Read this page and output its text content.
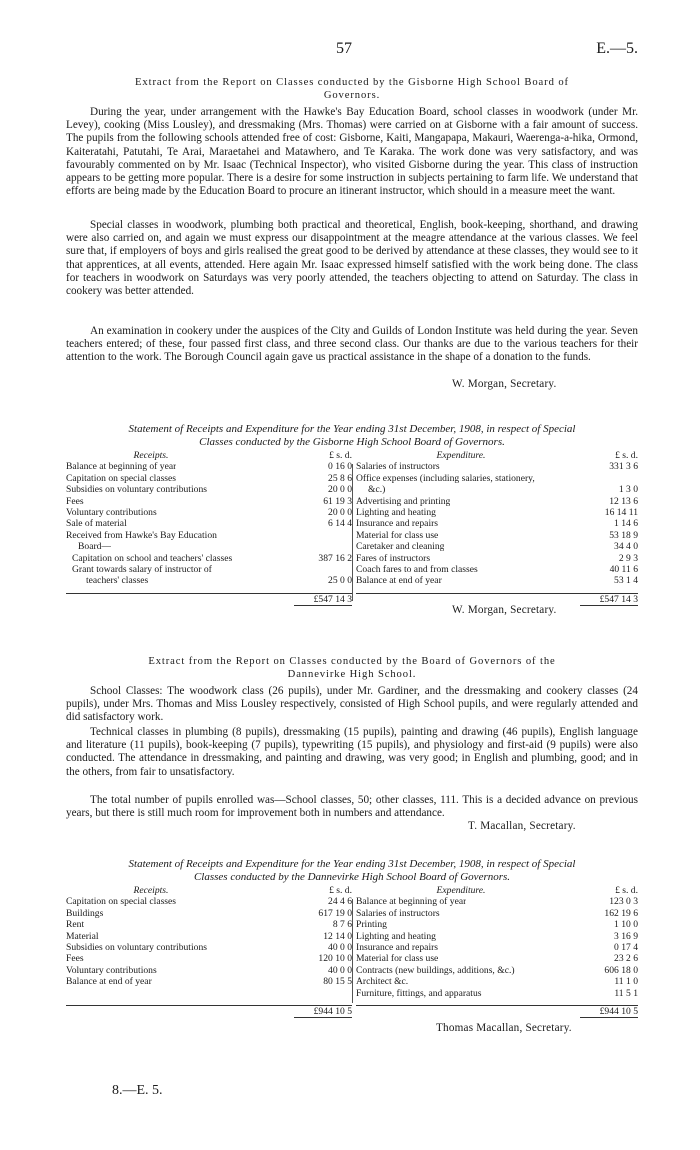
57	E.—5.
Extract from the Report on Classes conducted by the Gisborne High School Board of
Governors.
During the year, under arrangement with the Hawke's Bay Education Board, school classes in woodwork (under Mr. Levey), cooking (Miss Lousley), and dressmaking (Mrs. Thomas) were carried on at Gisborne with a fair amount of success. The pupils from the following schools attended free of cost: Gisborne, Kaiti, Mangapapa, Makauri, Waerenga-a-hika, Ormond, Kaiteratahi, Patutahi, Te Arai, Maraetahei and Matawhero, and Te Karaka. The work done was very satisfactory, and was favourably commented on by Mr. Isaac (Technical Inspector), who visited Gisborne during the year. This class of instruction appears to be getting more popular. There is a desire for some instruction in subjects pertaining to farm life. We understand that efforts are being made by the Education Board to procure an itinerant instructor, which should in a measure meet the want.
Special classes in woodwork, plumbing both practical and theoretical, English, book-keeping, shorthand, and drawing were also carried on, and again we must express our disappointment at the meagre attendance at the various classes. We feel sure that, if employers of boys and girls realised the great good to be derived by attendance at these classes, they would see to it that apprentices, at all events, attended. Here again Mr. Isaac expressed himself satisfied with the work being done. The class for teachers in woodwork on Saturdays was very poorly attended, the teachers objecting to attend on Saturday. The class in cookery was better attended.
An examination in cookery under the auspices of the City and Guilds of London Institute was held during the year. Seven teachers entered; of these, four passed first class, and three second class. Our thanks are due to the various teachers for their attention to the work. The Borough Council again gave us practical assistance in the shape of a donation to the funds.
W. Morgan, Secretary.
Statement of Receipts and Expenditure for the Year ending 31st December, 1908, in respect of Special
Classes conducted by the Gisborne High School Board of Governors.
Receipts.	£ s. d.
Balance at beginning of year	0 16 0
Capitation on special classes	25 8 6
Subsidies on voluntary contributions	20 0 0
Fees	61 19 3
Voluntary contributions	20 0 0
Sale of material	6 14 4
Received from Hawke's Bay Education
Board—
Capitation on school and teachers' classes	387 16 2
Grant towards salary of instructor of
teachers' classes	25 0 0
£547 14 3
Expenditure.	£ s. d.
Salaries of instructors	331 3 6
Office expenses (including salaries, stationery,
&c.)	1 3 0
Advertising and printing	12 13 6
Lighting and heating	16 14 11
Insurance and repairs	1 14 6
Material for class use	53 18 9
Caretaker and cleaning	34 4 0
Fares of instructors	2 9 3
Coach fares to and from classes	40 11 6
Balance at end of year	53 1 4
£547 14 3
W. Morgan, Secretary.
Extract from the Report on Classes conducted by the Board of Governors of the
Dannevirke High School.
School Classes: The woodwork class (26 pupils), under Mr. Gardiner, and the dressmaking and cookery classes (24 pupils), under Mrs. Thomas and Miss Lousley respectively, consisted of High School pupils, and were regularly attended and did satisfactory work.
Technical classes in plumbing (8 pupils), dressmaking (15 pupils), painting and drawing (46 pupils), English language and literature (11 pupils), book-keeping (7 pupils), typewriting (15 pupils), and physiology and first-aid (9 pupils) were also conducted. The attendance in dressmaking, and painting and drawing, was very good; in English and plumbing, good; and in the others, from fair to unsatisfactory.
The total number of pupils enrolled was—School classes, 50; other classes, 111. This is a decided advance on previous years, but there is still much room for improvement both in numbers and attendance.
T. Macallan, Secretary.
Statement of Receipts and Expenditure for the Year ending 31st December, 1908, in respect of Special
Classes conducted by the Dannevirke High School Board of Governors.
Receipts.	£ s. d.
Capitation on special classes	24 4 6
Buildings	617 19 0
Rent	8 7 6
Material	12 14 0
Subsidies on voluntary contributions	40 0 0
Fees	120 10 0
Voluntary contributions	40 0 0
Balance at end of year	80 15 5
£944 10 5
Expenditure.	£ s. d.
Balance at beginning of year	123 0 3
Salaries of instructors	162 19 6
Printing	1 10 0
Lighting and heating	3 16 9
Insurance and repairs	0 17 4
Material for class use	23 2 6
Contracts (new buildings, additions, &c.)	606 18 0
Architect &c.	11 1 0
Furniture, fittings, and apparatus	11 5 1
£944 10 5
Thomas Macallan, Secretary.
8.—E. 5.
